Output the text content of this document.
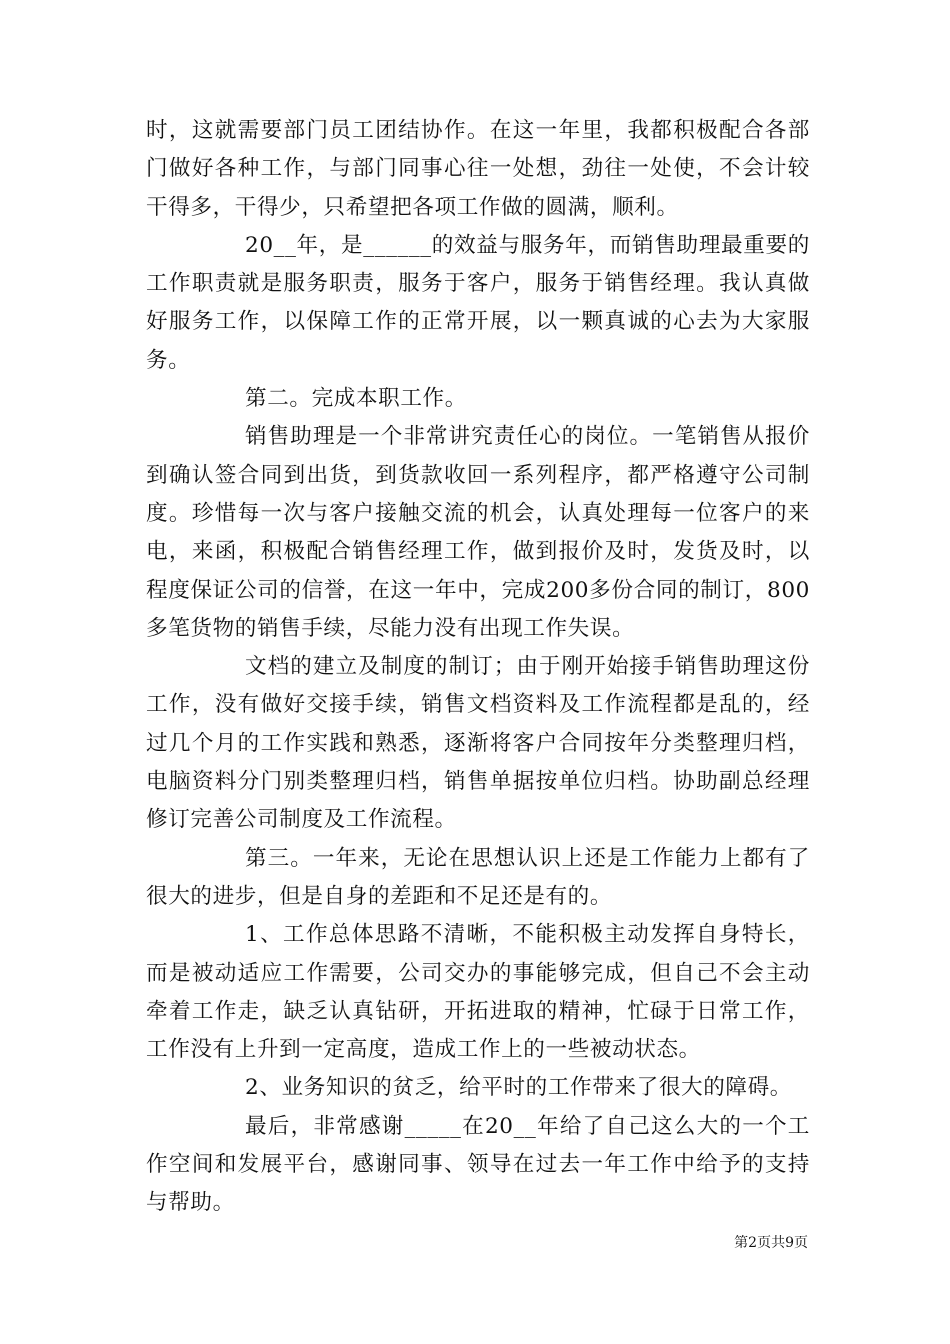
时，这就需要部门员工团结协作。在这一年里，我都积极配合各部门做好各种工作，与部门同事心往一处想，劲往一处使，不会计较干得多，干得少，只希望把各项工作做的圆满，顺利。

20__年，是______的效益与服务年，而销售助理最重要的工作职责就是服务职责，服务于客户，服务于销售经理。我认真做好服务工作，以保障工作的正常开展，以一颗真诚的心去为大家服务。

第二。完成本职工作。

销售助理是一个非常讲究责任心的岗位。一笔销售从报价到确认签合同到出货，到货款收回一系列程序，都严格遵守公司制度。珍惜每一次与客户接触交流的机会，认真处理每一位客户的来电，来函，积极配合销售经理工作，做到报价及时，发货及时，以程度保证公司的信誉，在这一年中，完成200多份合同的制订，800多笔货物的销售手续，尽能力没有出现工作失误。

文档的建立及制度的制订；由于刚开始接手销售助理这份工作，没有做好交接手续，销售文档资料及工作流程都是乱的，经过几个月的工作实践和熟悉，逐渐将客户合同按年分类整理归档，电脑资料分门别类整理归档，销售单据按单位归档。协助副总经理修订完善公司制度及工作流程。

第三。一年来，无论在思想认识上还是工作能力上都有了很大的进步，但是自身的差距和不足还是有的。

1、工作总体思路不清晰，不能积极主动发挥自身特长，而是被动适应工作需要，公司交办的事能够完成，但自己不会主动牵着工作走，缺乏认真钻研，开拓进取的精神，忙碌于日常工作，工作没有上升到一定高度，造成工作上的一些被动状态。

2、业务知识的贫乏，给平时的工作带来了很大的障碍。

最后，非常感谢_____在20__年给了自己这么大的一个工作空间和发展平台，感谢同事、领导在过去一年工作中给予的支持与帮助。

第2页共9页
